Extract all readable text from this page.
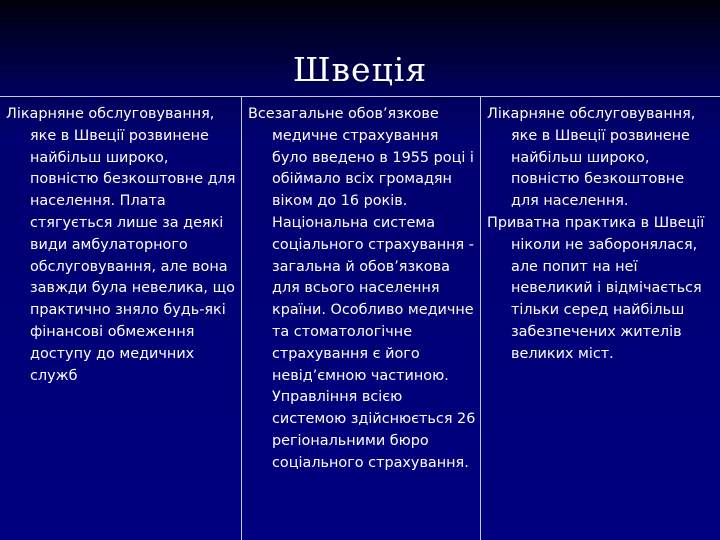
Швеція

Лікарняне обслуговування, яке в Швеції розвинене найбільш широко, повністю безкоштовне для населення. Плата стягується лише за деякі види амбулаторного обслуговування, але вона завжди була невелика, що практично зняло будь-які фінансові обмеження доступу до медичних служб

Всезагальне обов’язкове медичне страхування було введено в 1955 році і обіймало всіх громадян віком до 16 років. Національна система соціального страхування - загальна й обов’язкова для всього населення країни. Особливо медичне та стоматологічне страхування є його невід’ємною частиною. Управління всією системою здійснюється 26 регіональними бюро соціального страхування.

Лікарняне обслуговування, яке в Швеції розвинене найбільш широко, повністю безкоштовне для населення.

Приватна практика в Швеції ніколи не заборонялася, але попит на неї невеликий і відмічається тільки серед найбільш забезпечених жителів великих міст.
